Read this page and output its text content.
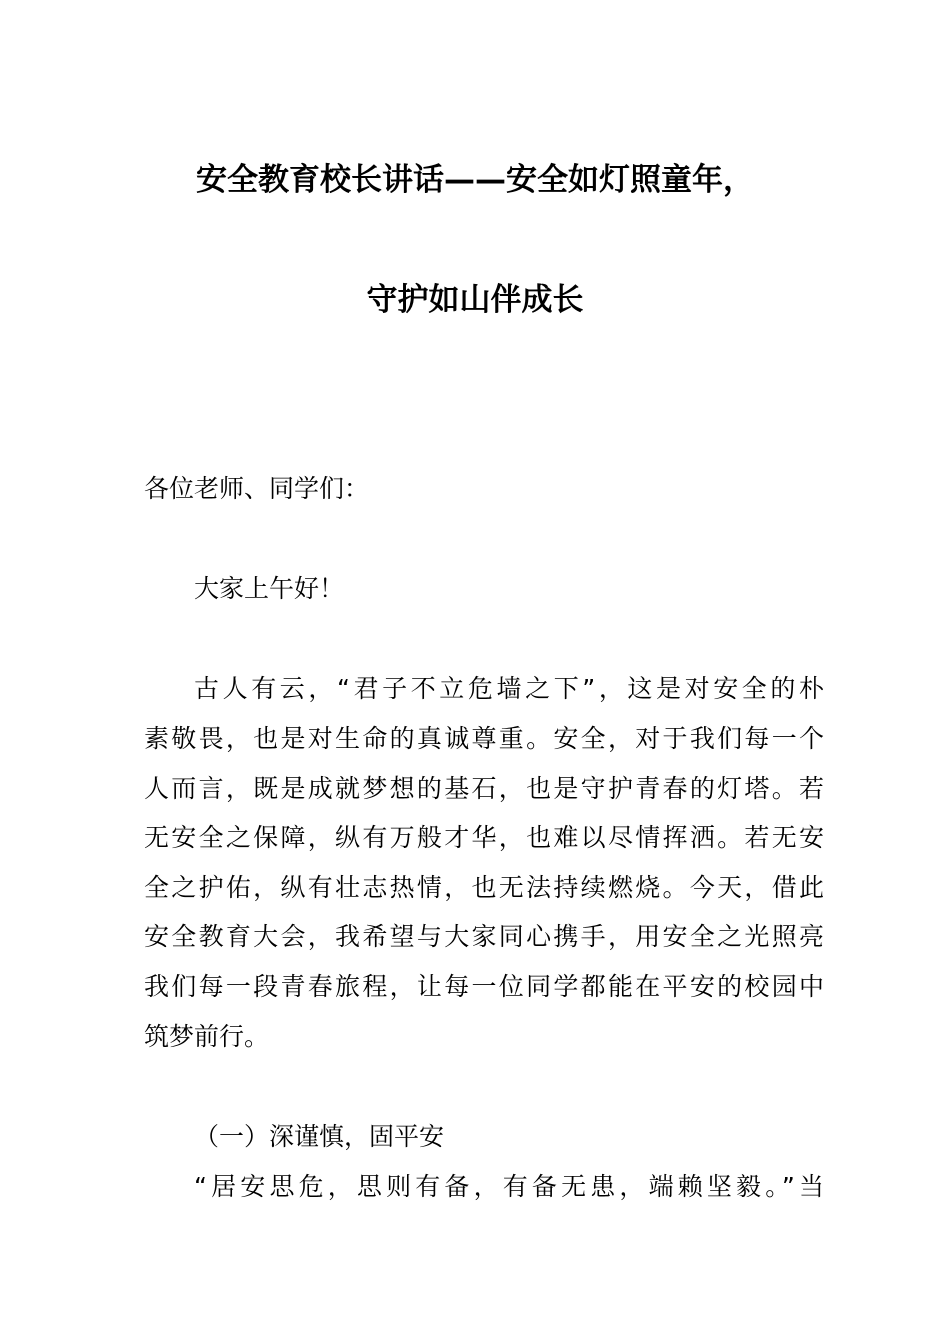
安全教育校长讲话——安全如灯照童年，
守护如山伴成长
各位老师、同学们：
大家上午好！
古人有云，“君子不立危墙之下”，这是对安全的朴
素敬畏，也是对生命的真诚尊重。安全，对于我们每一个
人而言，既是成就梦想的基石，也是守护青春的灯塔。若
无安全之保障，纵有万般才华，也难以尽情挥洒。若无安
全之护佑，纵有壮志热情，也无法持续燃烧。今天，借此
安全教育大会，我希望与大家同心携手，用安全之光照亮
我们每一段青春旅程，让每一位同学都能在平安的校园中
筑梦前行。
（一）深谨慎，固平安
“居安思危，思则有备，有备无患，端赖坚毅。”当
